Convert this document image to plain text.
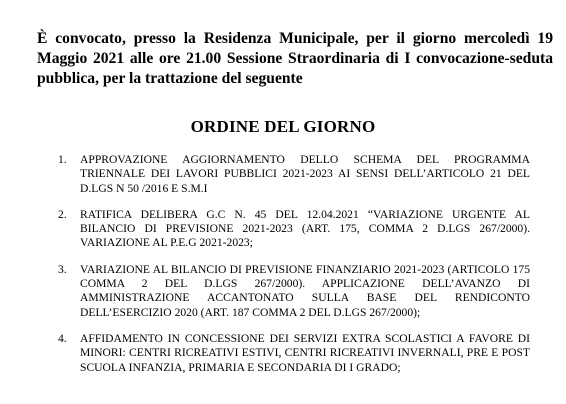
È convocato, presso la Residenza Municipale, per il giorno mercoledì 19 Maggio 2021 alle ore 21.00 Sessione Straordinaria di I convocazione-seduta pubblica, per la trattazione del seguente

ORDINE DEL GIORNO
1.	APPROVAZIONE AGGIORNAMENTO DELLO SCHEMA DEL PROGRAMMA TRIENNALE DEI LAVORI PUBBLICI 2021-2023 AI SENSI DELL’ARTICOLO 21 DEL D.LGS N 50 /2016 E S.M.I
2.	RATIFICA DELIBERA G.C N. 45 DEL 12.04.2021 “VARIAZIONE URGENTE AL BILANCIO DI PREVISIONE 2021-2023 (ART. 175, COMMA 2 D.LGS 267/2000). VARIAZIONE AL P.E.G 2021-2023;
3.	VARIAZIONE AL BILANCIO DI PREVISIONE FINANZIARIO 2021-2023 (ARTICOLO 175 COMMA 2 DEL D.LGS 267/2000). APPLICAZIONE DELL’AVANZO DI AMMINISTRAZIONE ACCANTONATO SULLA BASE DEL RENDICONTO DELL’ESERCIZIO 2020 (ART. 187 COMMA 2 DEL D.LGS 267/2000);
4.	AFFIDAMENTO IN CONCESSIONE DEI SERVIZI EXTRA SCOLASTICI A FAVORE DI MINORI: CENTRI RICREATIVI ESTIVI, CENTRI RICREATIVI INVERNALI, PRE E POST SCUOLA INFANZIA, PRIMARIA E SECONDARIA DI I GRADO;
